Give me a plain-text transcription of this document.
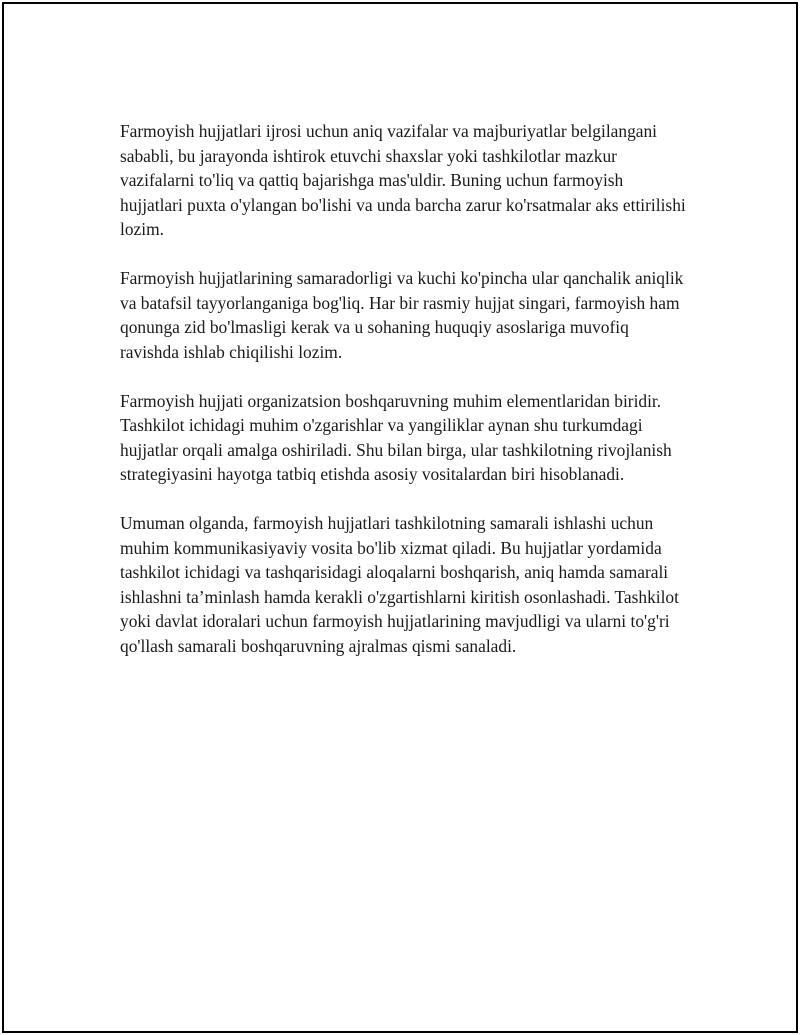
Farmoyish hujjatlari ijrosi uchun aniq vazifalar va majburiyatlar belgilangani sababli, bu jarayonda ishtirok etuvchi shaxslar yoki tashkilotlar mazkur vazifalarni to'liq va qattiq bajarishga mas'uldir. Buning uchun farmoyish hujjatlari puxta o'ylangan bo'lishi va unda barcha zarur ko'rsatmalar aks ettirilishi lozim.

Farmoyish hujjatlarining samaradorligi va kuchi ko'pincha ular qanchalik aniqlik va batafsil tayyorlanganiga bog'liq. Har bir rasmiy hujjat singari, farmoyish ham qonunga zid bo'lmasligi kerak va u sohaning huquqiy asoslariga muvofiq ravishda ishlab chiqilishi lozim.

Farmoyish hujjati organizatsion boshqaruvning muhim elementlaridan biridir. Tashkilot ichidagi muhim o'zgarishlar va yangiliklar aynan shu turkumdagi hujjatlar orqali amalga oshiriladi. Shu bilan birga, ular tashkilotning rivojlanish strategiyasini hayotga tatbiq etishda asosiy vositalardan biri hisoblanadi.

Umuman olganda, farmoyish hujjatlari tashkilotning samarali ishlashi uchun muhim kommunikasiyaviy vosita bo'lib xizmat qiladi. Bu hujjatlar yordamida tashkilot ichidagi va tashqarisidagi aloqalarni boshqarish, aniq hamda samarali ishlashni ta’minlash hamda kerakli o'zgartishlarni kiritish osonlashadi. Tashkilot yoki davlat idoralari uchun farmoyish hujjatlarining mavjudligi va ularni to'g'ri qo'llash samarali boshqaruvning ajralmas qismi sanaladi.
